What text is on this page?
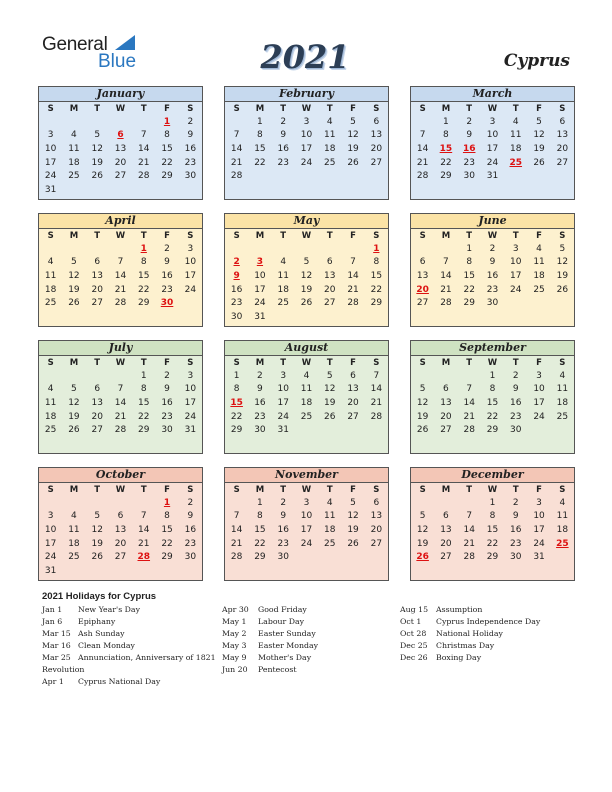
General
Blue	2021	Cyprus
January
S	M	T	W	T	F	S
					1	2
3	4	5	6	7	8	9
10	11	12	13	14	15	16
17	18	19	20	21	22	23
24	25	26	27	28	29	30
31						
February
S	M	T	W	T	F	S
	1	2	3	4	5	6
7	8	9	10	11	12	13
14	15	16	17	18	19	20
21	22	23	24	25	26	27
28						
March
S	M	T	W	T	F	S
	1	2	3	4	5	6
7	8	9	10	11	12	13
14	15	16	17	18	19	20
21	22	23	24	25	26	27
28	29	30	31			
April
S	M	T	W	T	F	S
				1	2	3
4	5	6	7	8	9	10
11	12	13	14	15	16	17
18	19	20	21	22	23	24
25	26	27	28	29	30	
May
S	M	T	W	T	F	S
						1
2	3	4	5	6	7	8
9	10	11	12	13	14	15
16	17	18	19	20	21	22
23	24	25	26	27	28	29
30	31					
June
S	M	T	W	T	F	S
		1	2	3	4	5
6	7	8	9	10	11	12
13	14	15	16	17	18	19
20	21	22	23	24	25	26
27	28	29	30			
July
S	M	T	W	T	F	S
				1	2	3
4	5	6	7	8	9	10
11	12	13	14	15	16	17
18	19	20	21	22	23	24
25	26	27	28	29	30	31
August
S	M	T	W	T	F	S
1	2	3	4	5	6	7
8	9	10	11	12	13	14
15	16	17	18	19	20	21
22	23	24	25	26	27	28
29	30	31				
September
S	M	T	W	T	F	S
			1	2	3	4
5	6	7	8	9	10	11
12	13	14	15	16	17	18
19	20	21	22	23	24	25
26	27	28	29	30		
October
S	M	T	W	T	F	S
					1	2
3	4	5	6	7	8	9
10	11	12	13	14	15	16
17	18	19	20	21	22	23
24	25	26	27	28	29	30
31						
November
S	M	T	W	T	F	S
	1	2	3	4	5	6
7	8	9	10	11	12	13
14	15	16	17	18	19	20
21	22	23	24	25	26	27
28	29	30				
December
S	M	T	W	T	F	S
			1	2	3	4
5	6	7	8	9	10	11
12	13	14	15	16	17	18
19	20	21	22	23	24	25
26	27	28	29	30	31	
2021 Holidays for Cyprus
Jan 1 New Year's Day
Jan 6 Epiphany
Mar 15 Ash Sunday
Mar 16 Clean Monday
Mar 25 Annunciation, Anniversary of 1821
Revolution
Apr 1 Cyprus National Day
Apr 30 Good Friday
May 1 Labour Day
May 2 Easter Sunday
May 3 Easter Monday
May 9 Mother's Day
Jun 20 Pentecost
Aug 15 Assumption
Oct 1 Cyprus Independence Day
Oct 28 National Holiday
Dec 25 Christmas Day
Dec 26 Boxing Day
